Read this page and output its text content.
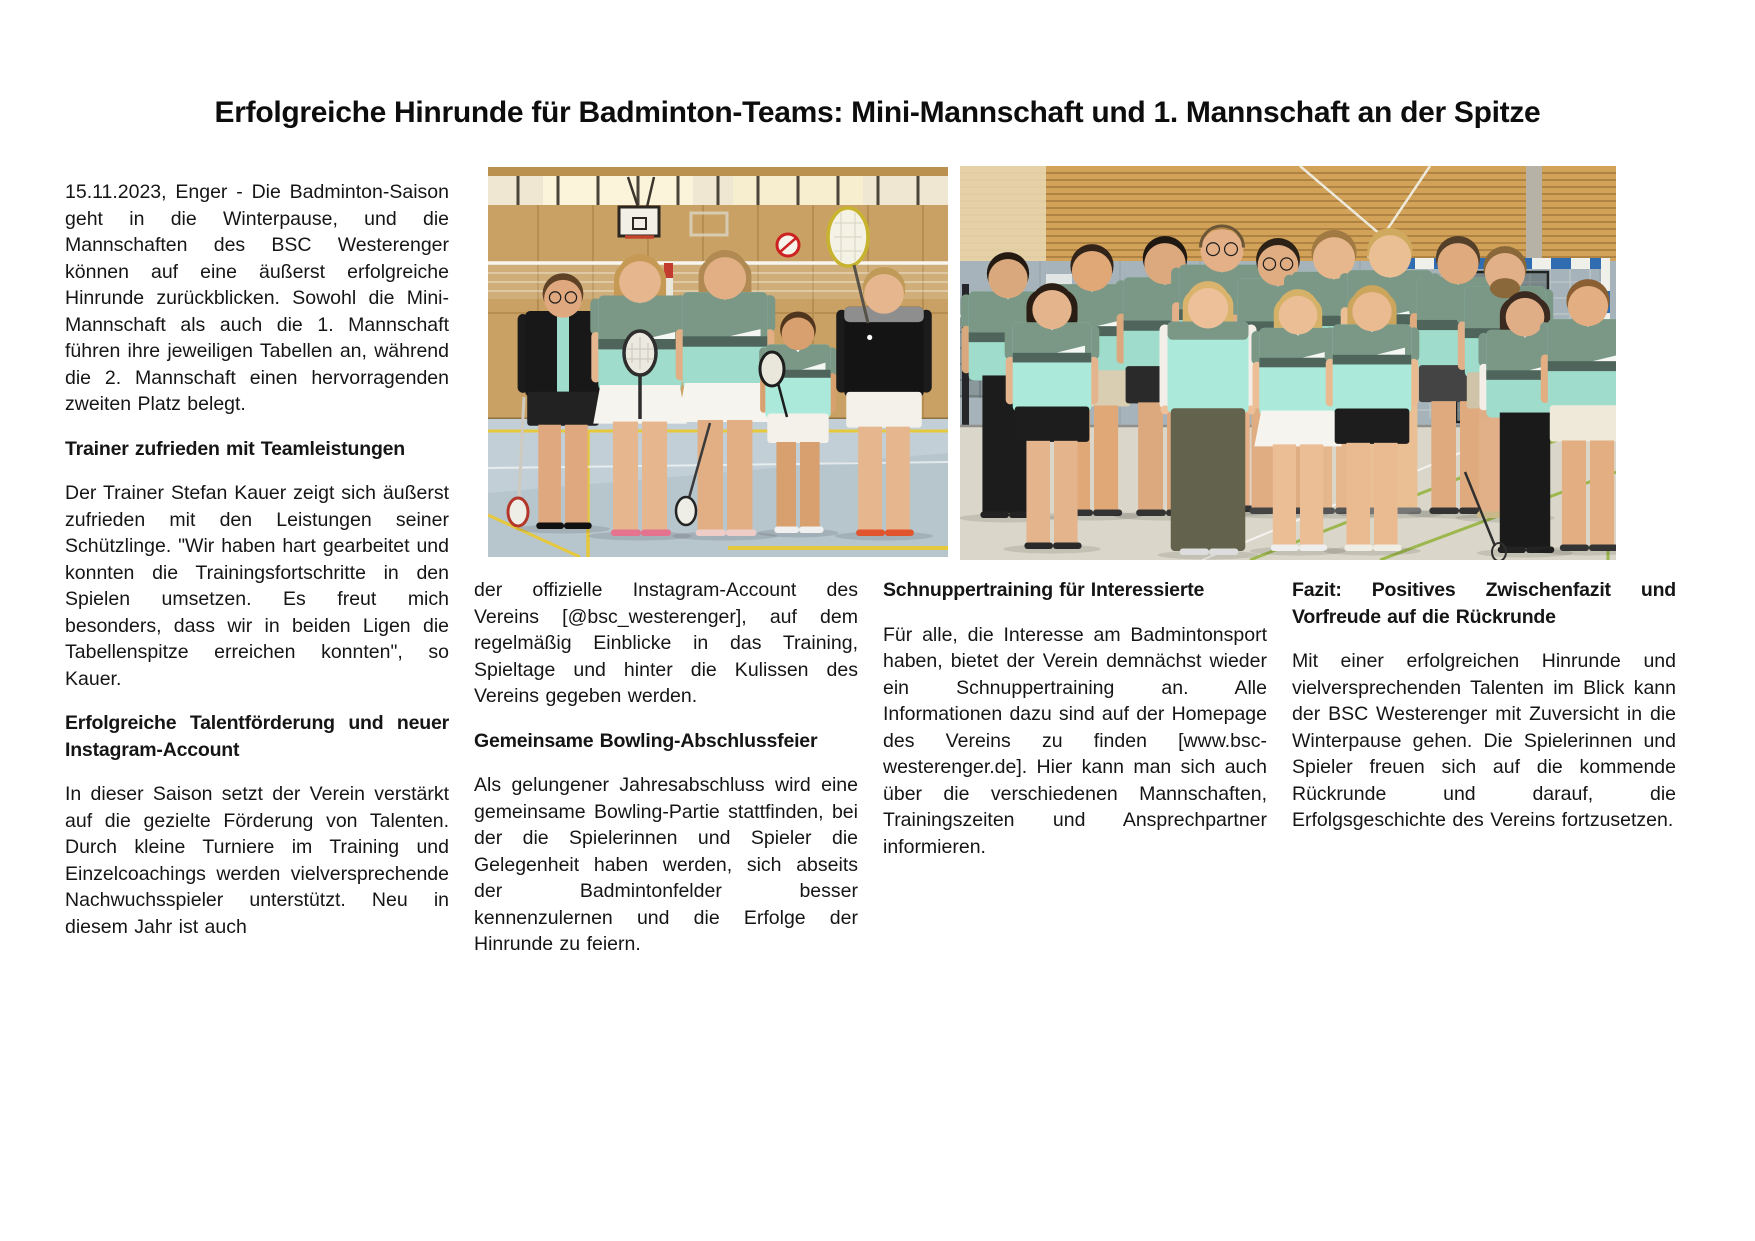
Erfolgreiche Hinrunde für Badminton-Teams: Mini-Mannschaft und 1. Mannschaft an der Spitze

15.11.2023, Enger - Die Badminton-Saison geht in die Winterpause, und die Mannschaften des BSC Westerenger können auf eine äußerst erfolgreiche Hinrunde zurückblicken. Sowohl die Mini-Mannschaft als auch die 1. Mannschaft führen ihre jeweiligen Tabellen an, während die 2. Mannschaft einen hervorragenden zweiten Platz belegt.

Trainer zufrieden mit Teamleistungen

Der Trainer Stefan Kauer zeigt sich äußerst zufrieden mit den Leistungen seiner Schützlinge. "Wir haben hart gearbeitet und konnten die Trainingsfortschritte in den Spielen umsetzen. Es freut mich besonders, dass wir in beiden Ligen die Tabellenspitze erreichen konnten", so Kauer.

Erfolgreiche Talentförderung und neuer Instagram-Account

In dieser Saison setzt der Verein verstärkt auf die gezielte Förderung von Talenten. Durch kleine Turniere im Training und Einzelcoachings werden vielversprechende Nachwuchsspieler unterstützt. Neu in diesem Jahr ist auch

der offizielle Instagram-Account des Vereins [@bsc_westerenger], auf dem regelmäßig Einblicke in das Training, Spieltage und hinter die Kulissen des Vereins gegeben werden.

Gemeinsame Bowling-Abschlussfeier

Als gelungener Jahresabschluss wird eine gemeinsame Bowling-Partie stattfinden, bei der die Spielerinnen und Spieler die Gelegenheit haben werden, sich abseits der Badmintonfelder besser kennenzulernen und die Erfolge der Hinrunde zu feiern.

Schnuppertraining für Interessierte

Für alle, die Interesse am Badmintonsport haben, bietet der Verein demnächst wieder ein Schnuppertraining an. Alle Informationen dazu sind auf der Homepage des Vereins zu finden [www.bsc-westerenger.de]. Hier kann man sich auch über die verschiedenen Mannschaften, Trainingszeiten und Ansprechpartner informieren.

Fazit: Positives Zwischenfazit und Vorfreude auf die Rückrunde

Mit einer erfolgreichen Hinrunde und vielversprechenden Talenten im Blick kann der BSC Westerenger mit Zuversicht in die Winterpause gehen. Die Spielerinnen und Spieler freuen sich auf die kommende Rückrunde und darauf, die Erfolgsgeschichte des Vereins fortzusetzen.
